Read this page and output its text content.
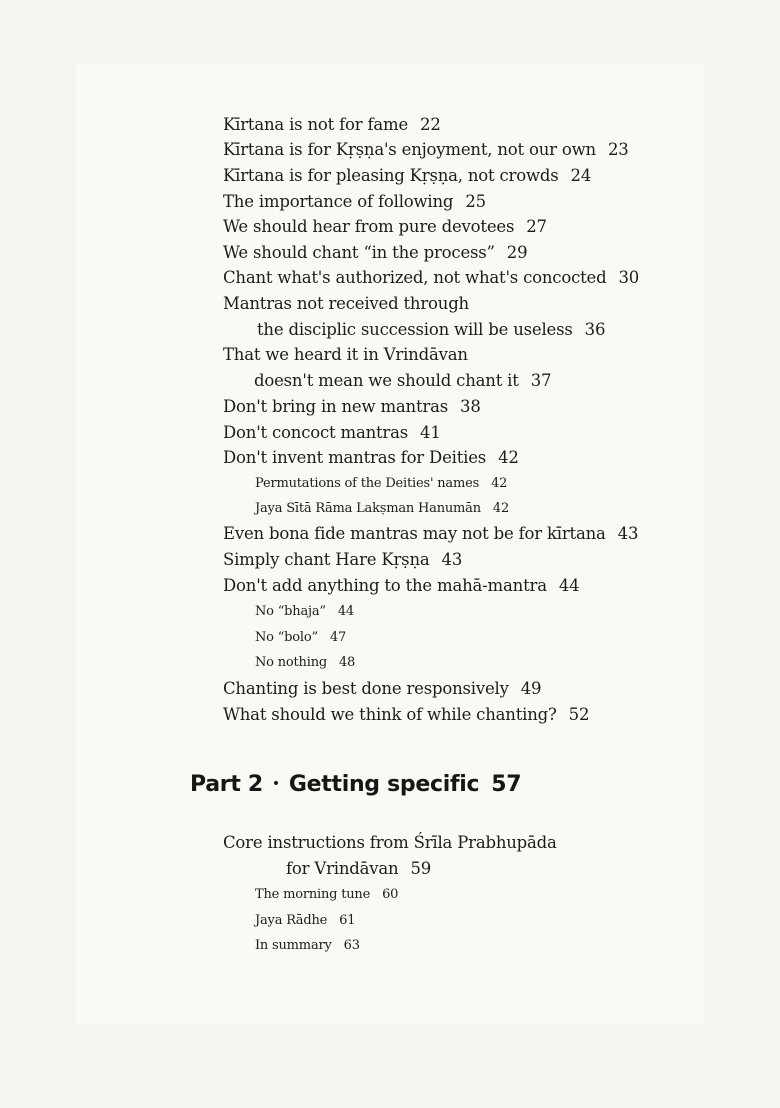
Kīrtana is not for fame 22
Kīrtana is for Kṛṣṇa's enjoyment, not our own 23
Kīrtana is for pleasing Kṛṣṇa, not crowds 24
The importance of following 25
We should hear from pure devotees 27
We should chant “in the process” 29
Chant what's authorized, not what's concocted 30
Mantras not received through
the disciplic succession will be useless 36
That we heard it in Vrindāvan
doesn't mean we should chant it 37
Don't bring in new mantras 38
Don't concoct mantras 41
Don't invent mantras for Deities 42
Permutations of the Deities' names 42
Jaya Sītā Rāma Lakṣman Hanumān 42
Even bona fide mantras may not be for kīrtana 43
Simply chant Hare Kṛṣṇa 43
Don't add anything to the mahā-mantra 44
No “bhaja” 44
No “bolo” 47
No nothing 48
Chanting is best done responsively 49
What should we think of while chanting? 52
Part 2 • Getting specific 57
Core instructions from Śrīla Prabhupāda
for Vrindāvan 59
The morning tune 60
Jaya Rādhe 61
In summary 63
